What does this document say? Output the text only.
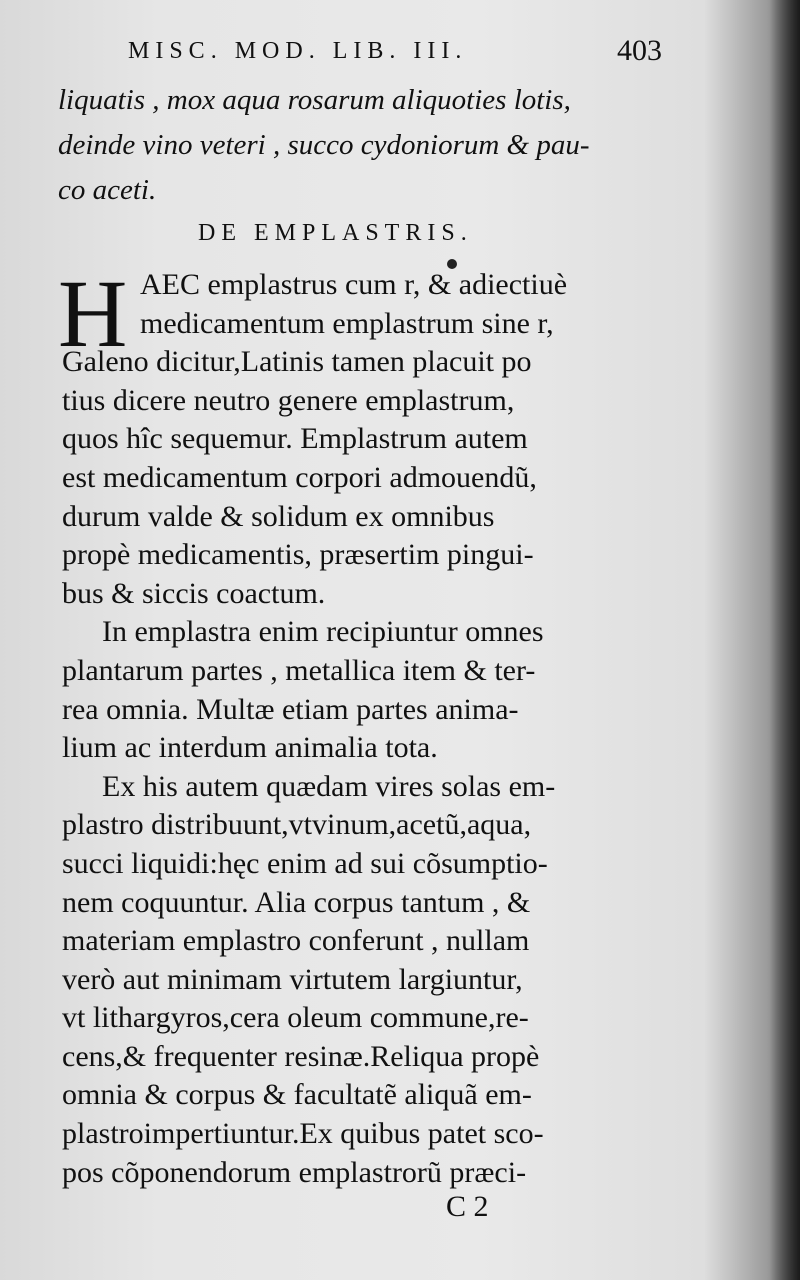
MISC. MOD. LIB. III.	403
liquatis , mox aqua rosarum aliquoties lotis,
deinde vino veteri , succo cydoniorum & pau-
co aceti.
DE EMPLASTRIS.
H AEC emplastrus cum r, & adiectiuè
medicamentum emplastrum sine r,
Galeno dicitur,Latinis tamen placuit po
tius dicere neutro genere emplastrum,
quos hîc sequemur. Emplastrum autem
est medicamentum corpori admouendũ,
durum valde & solidum ex omnibus
propè medicamentis, præsertim pingui-
bus & siccis coactum.
In emplastra enim recipiuntur omnes
plantarum partes , metallica item & ter-
rea omnia. Multæ etiam partes anima-
lium ac interdum animalia tota.
Ex his autem quædam vires solas em-
plastro distribuunt,vtvinum,acetũ,aqua,
succi liquidi:hęc enim ad sui cõsumptio-
nem coquuntur. Alia corpus tantum , &
materiam emplastro conferunt , nullam
verò aut minimam virtutem largiuntur,
vt lithargyros,cera oleum commune,re-
cens,& frequenter resinæ.Reliqua propè
omnia & corpus & facultatẽ aliquã em-
plastroimpertiuntur.Ex quibus patet sco-
pos cõponendorum emplastrorũ præci-
C 2
